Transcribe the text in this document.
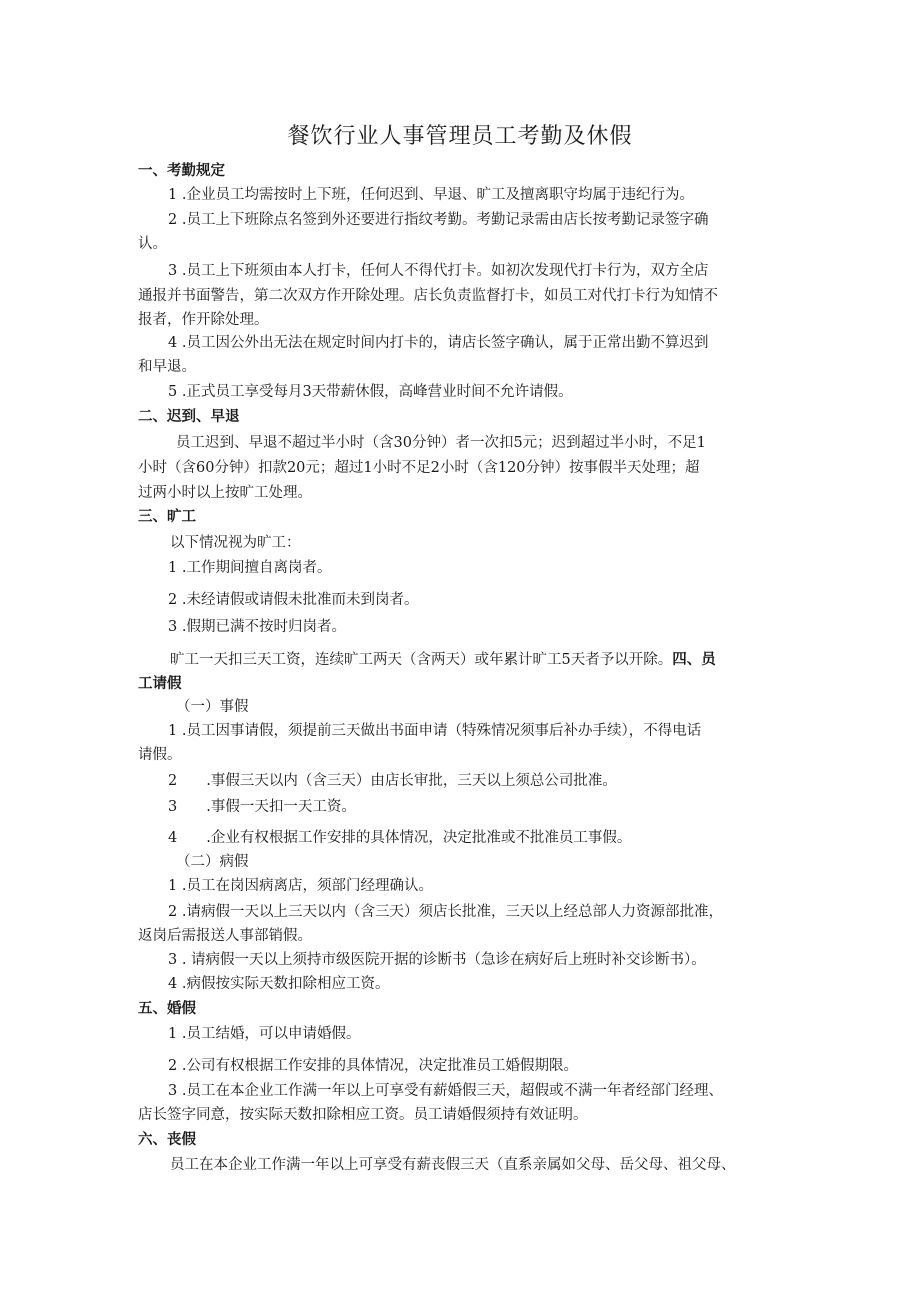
餐饮行业人事管理员工考勤及休假
一、考勤规定
1 .企业员工均需按时上下班，任何迟到、早退、旷工及擅离职守均属于违纪行为。
2 .员工上下班除点名签到外还要进行指纹考勤。考勤记录需由店长按考勤记录签字确
认。
3 .员工上下班须由本人打卡，任何人不得代打卡。如初次发现代打卡行为，双方全店
通报并书面警告，第二次双方作开除处理。店长负责监督打卡，如员工对代打卡行为知情不
报者，作开除处理。
4 .员工因公外出无法在规定时间内打卡的，请店长签字确认，属于正常出勤不算迟到
和早退。
5 .正式员工享受每月3天带薪休假，高峰营业时间不允许请假。
二、迟到、早退
员工迟到、早退不超过半小时（含30分钟）者一次扣5元；迟到超过半小时，不足1
小时（含60分钟）扣款20元；超过1小时不足2小时（含120分钟）按事假半天处理；超
过两小时以上按旷工处理。
三、旷工
以下情况视为旷工：
1 .工作期间擅自离岗者。
2 .未经请假或请假未批准而未到岗者。
3 .假期已满不按时归岗者。
旷工一天扣三天工资，连续旷工两天（含两天）或年累计旷工5天者予以开除。四、员
工请假
（一）事假
1 .员工因事请假，须提前三天做出书面申请（特殊情况须事后补办手续），不得电话
请假。
2　　.事假三天以内（含三天）由店长审批，三天以上须总公司批准。
3　　.事假一天扣一天工资。
4　　.企业有权根据工作安排的具体情况，决定批准或不批准员工事假。
（二）病假
1 .员工在岗因病离店，须部门经理确认。
2 .请病假一天以上三天以内（含三天）须店长批准，三天以上经总部人力资源部批准，
返岗后需报送人事部销假。
3 . 请病假一天以上须持市级医院开据的诊断书（急诊在病好后上班时补交诊断书）。
4 .病假按实际天数扣除相应工资。
五、婚假
1 .员工结婚，可以申请婚假。
2 .公司有权根据工作安排的具体情况，决定批准员工婚假期限。
3 .员工在本企业工作满一年以上可享受有薪婚假三天，超假或不满一年者经部门经理、
店长签字同意，按实际天数扣除相应工资。员工请婚假须持有效证明。
六、丧假
员工在本企业工作满一年以上可享受有薪丧假三天（直系亲属如父母、岳父母、祖父母、
